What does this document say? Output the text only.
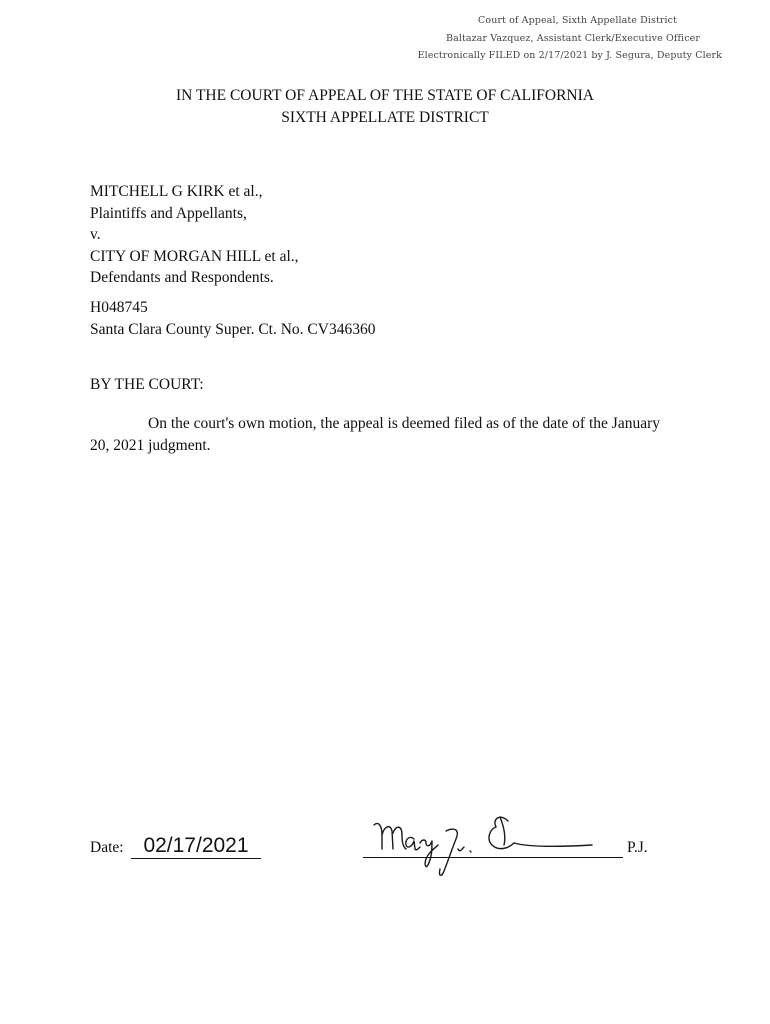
Court of Appeal, Sixth Appellate District
Baltazar Vazquez, Assistant Clerk/Executive Officer
Electronically FILED on 2/17/2021 by J. Segura, Deputy Clerk
IN THE COURT OF APPEAL OF THE STATE OF CALIFORNIA
SIXTH APPELLATE DISTRICT
MITCHELL G KIRK et al.,
Plaintiffs and Appellants,
v.
CITY OF MORGAN HILL et al.,
Defendants and Respondents.
H048745
Santa Clara County Super. Ct. No. CV346360
BY THE COURT:

On the court's own motion, the appeal is deemed filed as of the date of the January
20, 2021 judgment.

Date: 02/17/2021	P.J.
